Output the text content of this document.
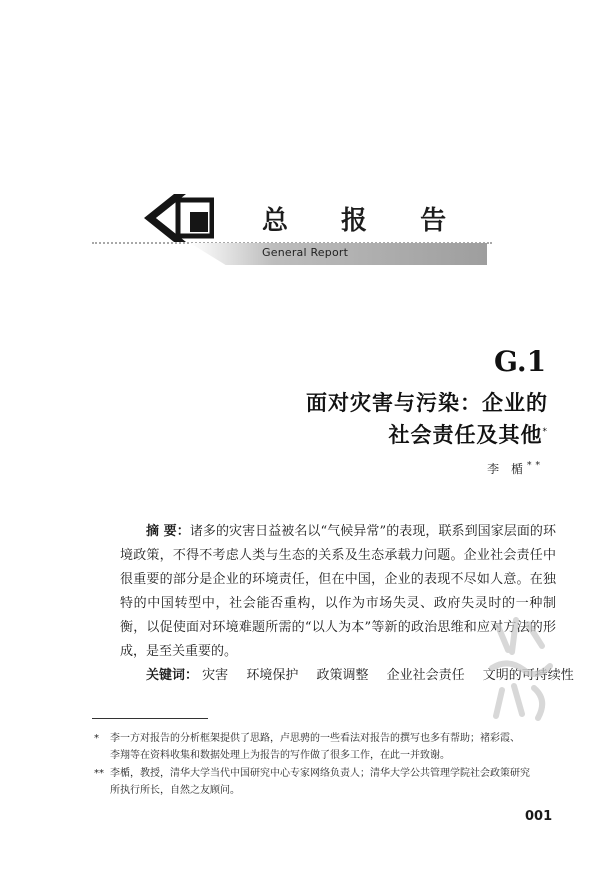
总 报 告
General Report
G.1
面对灾害与污染：企业的
社会责任及其他*
李 楯**
摘 要：诸多的灾害日益被名以“气候异常”的表现，联系到国家层面的环境政策，不得不考虑人类与生态的关系及生态承载力问题。企业社会责任中很重要的部分是企业的环境责任，但在中国，企业的表现不尽如人意。在独特的中国转型中，社会能否重构，以作为市场失灵、政府失灵时的一种制衡，以促使面对环境难题所需的“以人为本”等新的政治思维和应对方法的形成，是至关重要的。
关键词： 灾害 环境保护 政策调整 企业社会责任 文明的可持续性
* 李一方对报告的分析框架提供了思路，卢思骋的一些看法对报告的撰写也多有帮助；褚彩霞、
李翔等在资料收集和数据处理上为报告的写作做了很多工作，在此一并致谢。
** 李楯，教授，清华大学当代中国研究中心专家网络负责人；清华大学公共管理学院社会政策研究
所执行所长，自然之友顾问。
001
